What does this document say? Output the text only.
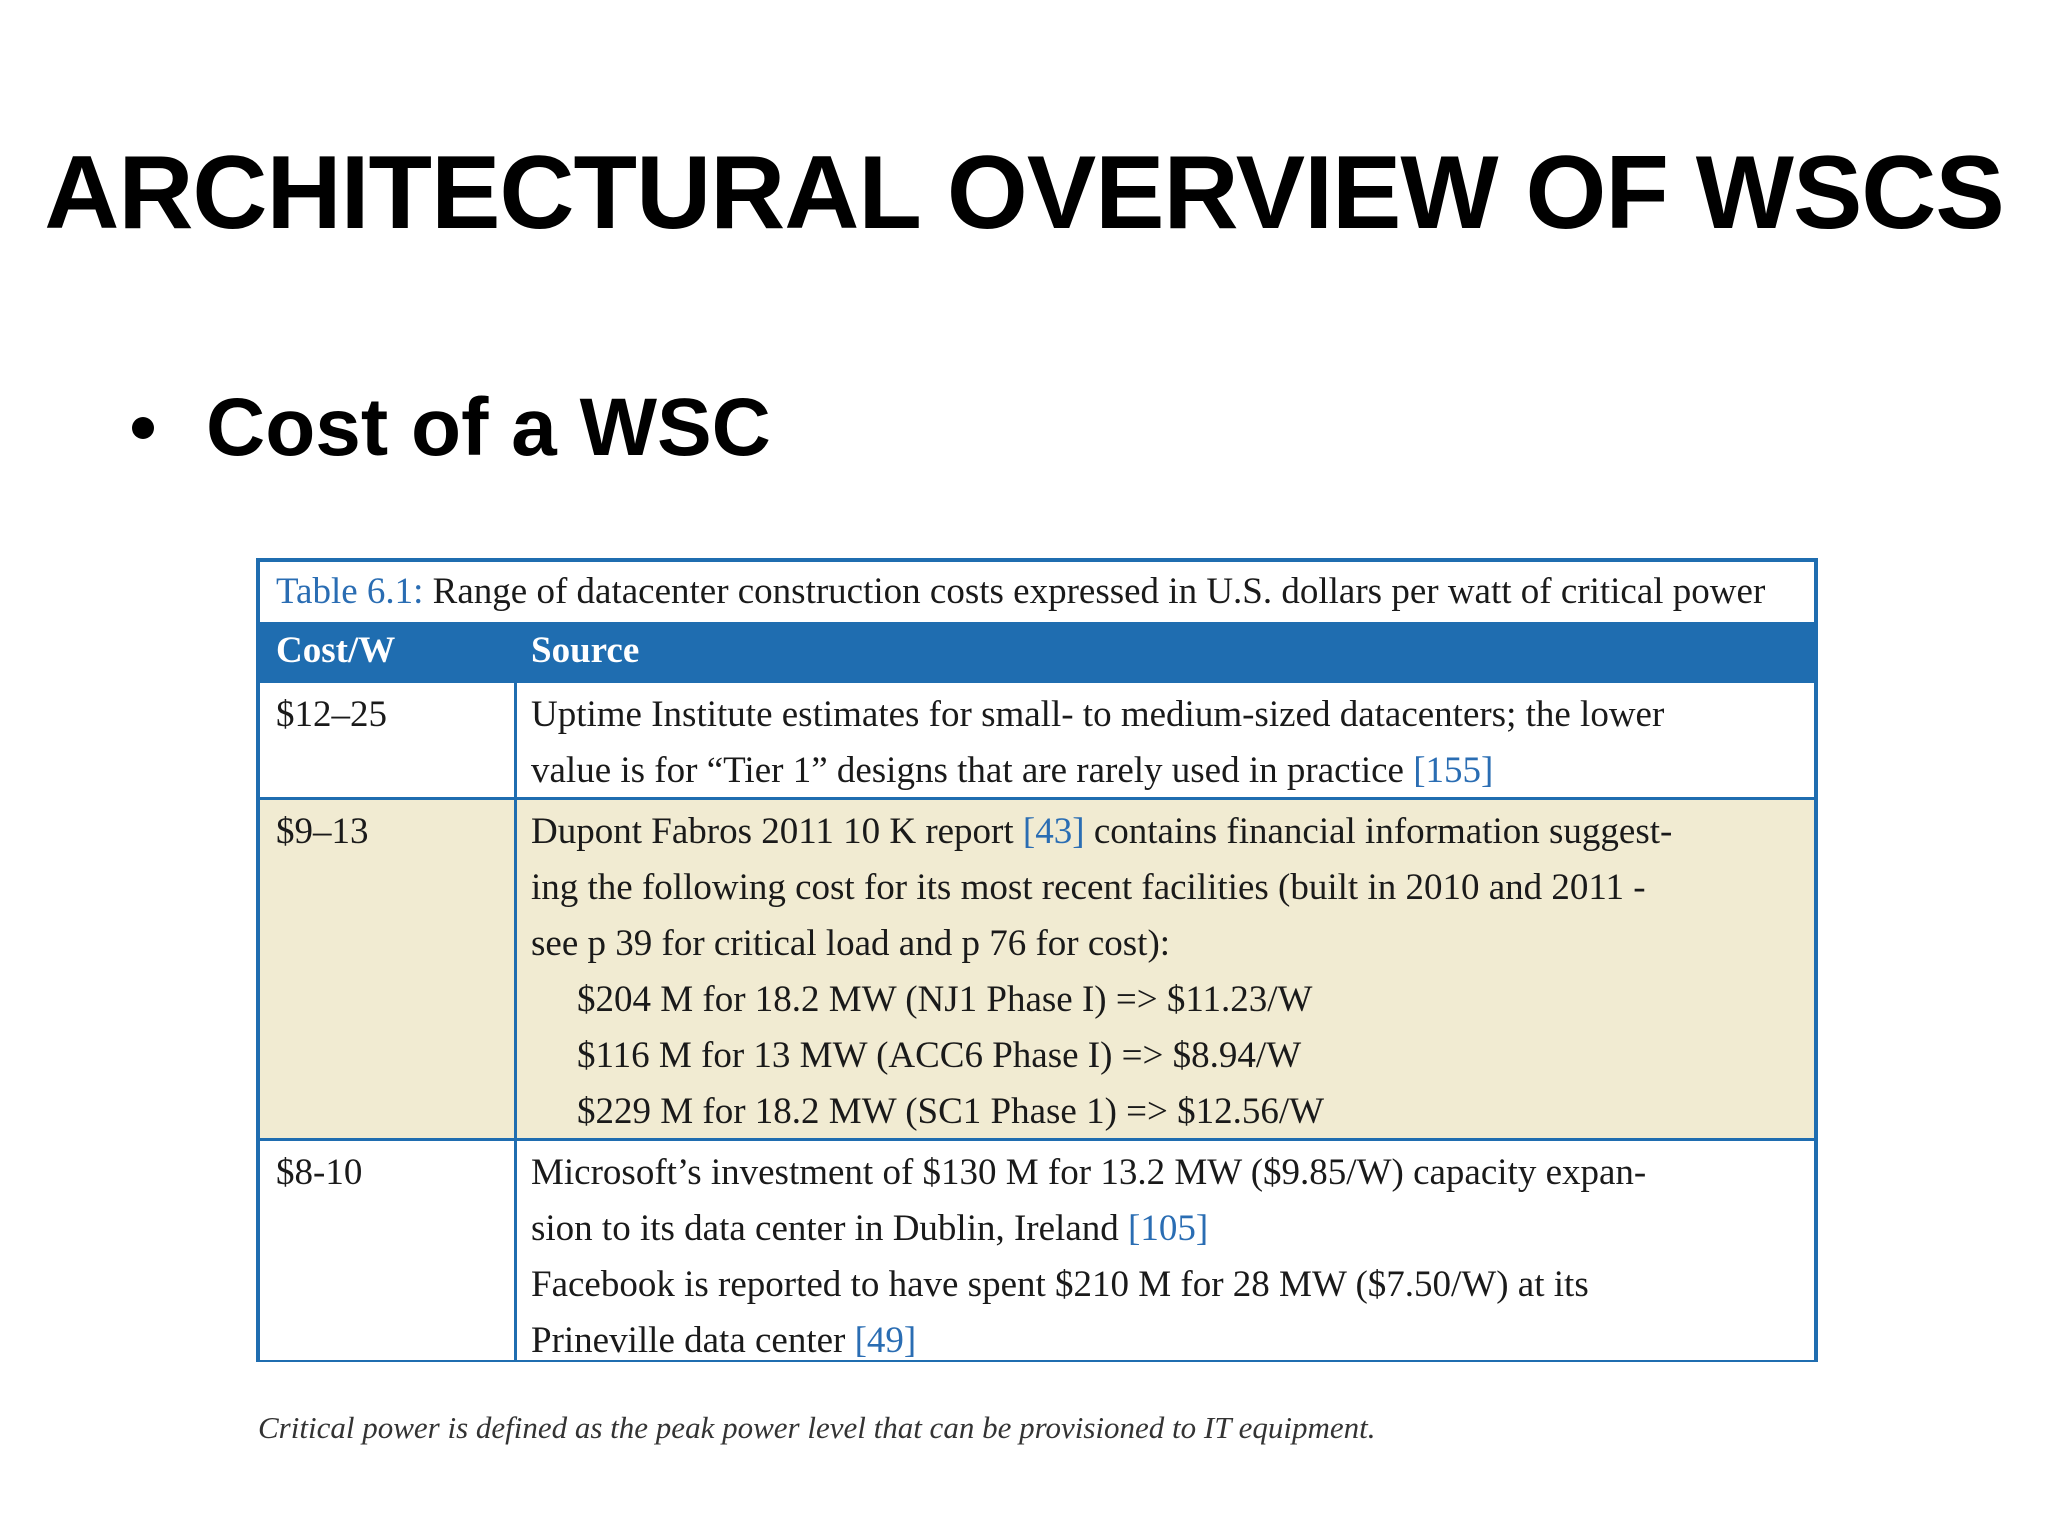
ARCHITECTURAL OVERVIEW OF WSCS
Cost of a WSC
Table 6.1: Range of datacenter construction costs expressed in U.S. dollars per watt of critical power
Cost/W	Source
$12–25	Uptime Institute estimates for small- to medium-sized datacenters; the lower
value is for “Tier 1” designs that are rarely used in practice [155]
$9–13	Dupont Fabros 2011 10 K report [43] contains financial information suggest-
ing the following cost for its most recent facilities (built in 2010 and 2011 -
see p 39 for critical load and p 76 for cost):
$204 M for 18.2 MW (NJ1 Phase I) => $11.23/W
$116 M for 13 MW (ACC6 Phase I) => $8.94/W
$229 M for 18.2 MW (SC1 Phase 1) => $12.56/W
$8-10	Microsoft’s investment of $130 M for 13.2 MW ($9.85/W) capacity expan-
sion to its data center in Dublin, Ireland [105]
Facebook is reported to have spent $210 M for 28 MW ($7.50/W) at its
Prineville data center [49]
Critical power is defined as the peak power level that can be provisioned to IT equipment.
